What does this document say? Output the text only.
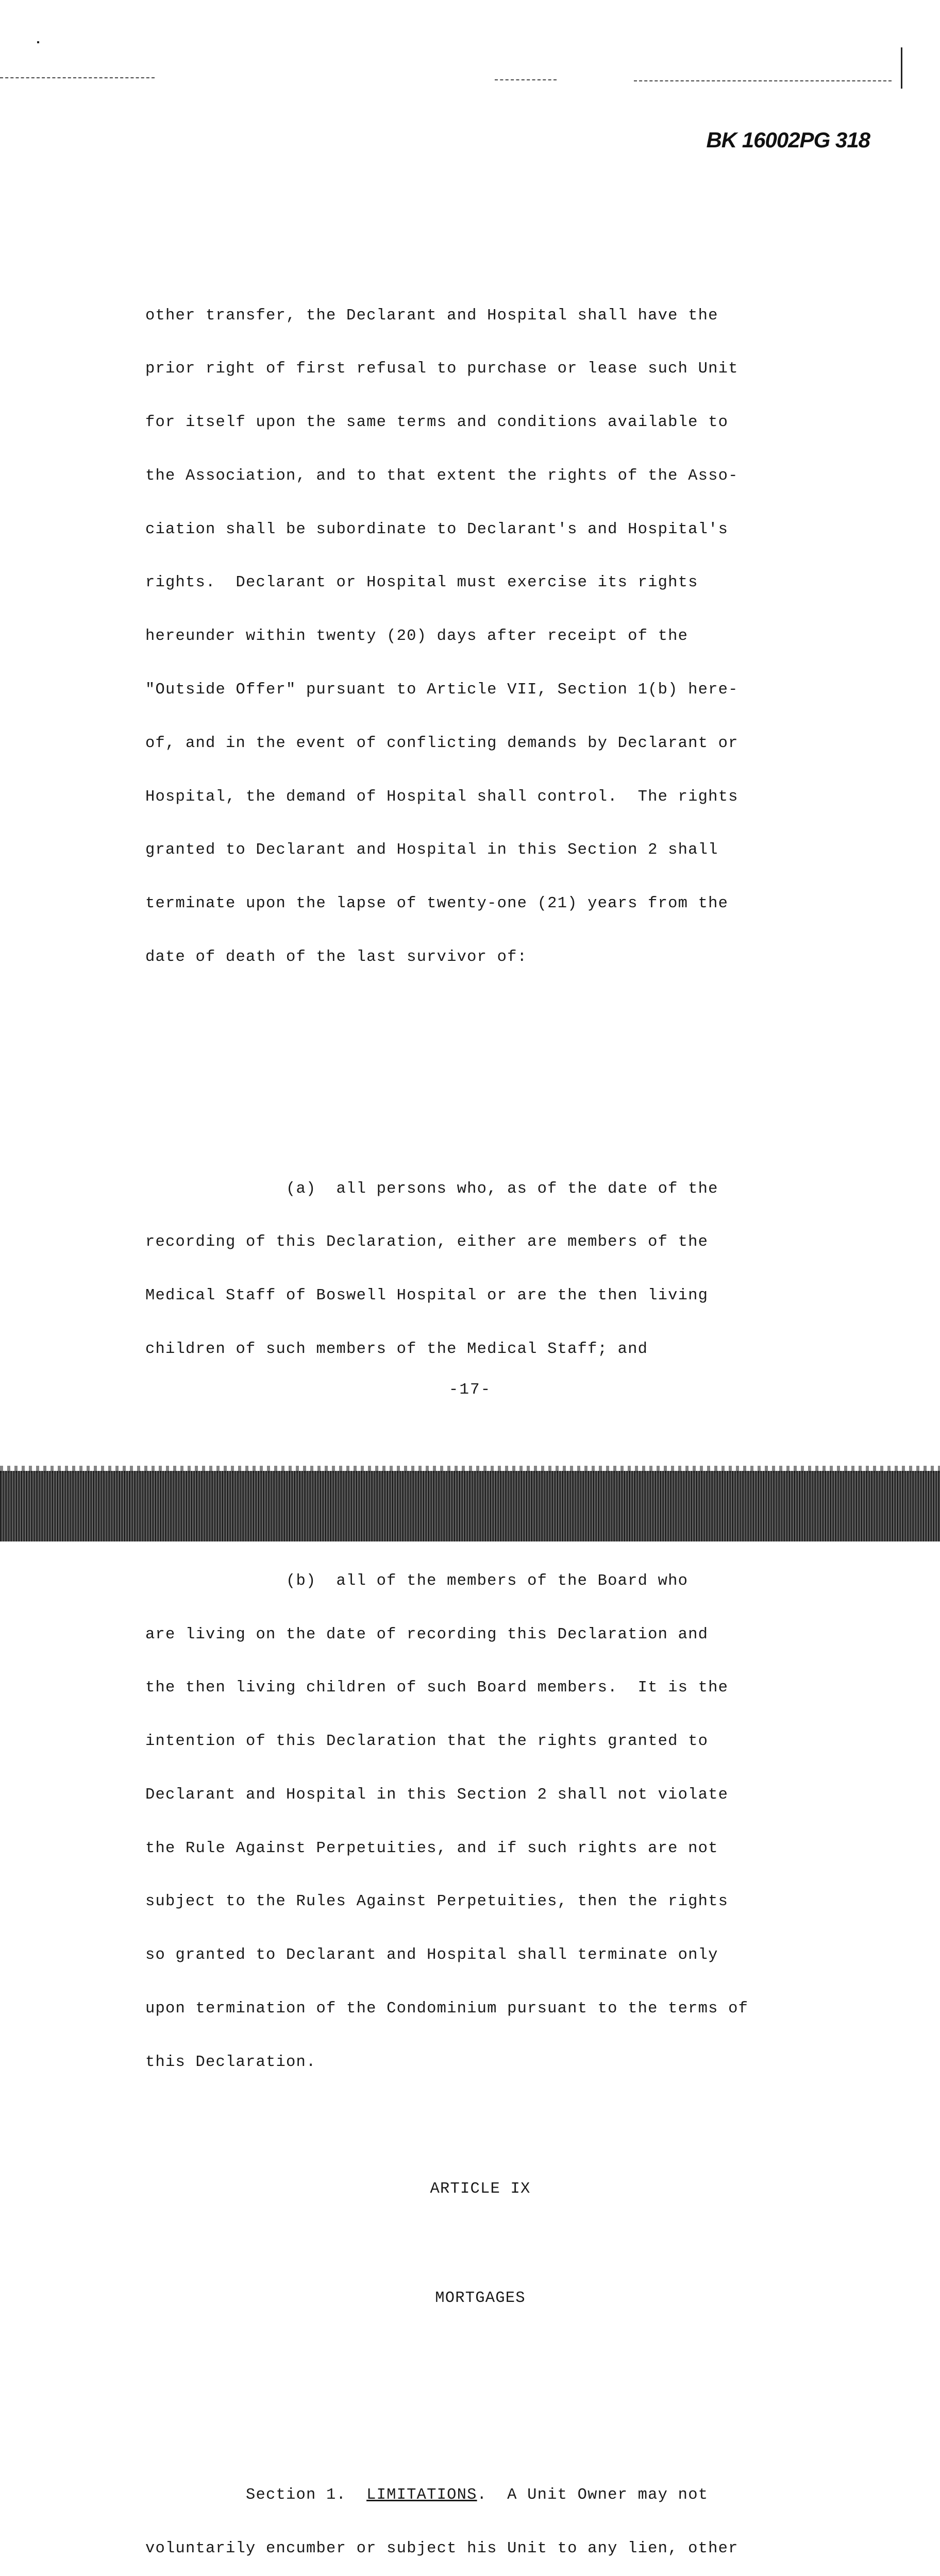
BK 16002PG 318

other transfer, the Declarant and Hospital shall have the

prior right of first refusal to purchase or lease such Unit

for itself upon the same terms and conditions available to

the Association, and to that extent the rights of the Asso-

ciation shall be subordinate to Declarant's and Hospital's

rights.  Declarant or Hospital must exercise its rights

hereunder within twenty (20) days after receipt of the

"Outside Offer" pursuant to Article VII, Section 1(b) here-

of, and in the event of conflicting demands by Declarant or

Hospital, the demand of Hospital shall control.  The rights

granted to Declarant and Hospital in this Section 2 shall

terminate upon the lapse of twenty-one (21) years from the

date of death of the last survivor of:

(a)  all persons who, as of the date of the

recording of this Declaration, either are members of the

Medical Staff of Boswell Hospital or are the then living

children of such members of the Medical Staff; and

(b)  all of the members of the Board who

are living on the date of recording this Declaration and

the then living children of such Board members.  It is the

intention of this Declaration that the rights granted to

Declarant and Hospital in this Section 2 shall not violate

the Rule Against Perpetuities, and if such rights are not

subject to the Rules Against Perpetuities, then the rights

so granted to Declarant and Hospital shall terminate only

upon termination of the Condominium pursuant to the terms of

this Declaration.

ARTICLE IX

MORTGAGES

Section 1.  LIMITATIONS.  A Unit Owner may not

voluntarily encumber or subject his Unit to any lien, other

-17-
